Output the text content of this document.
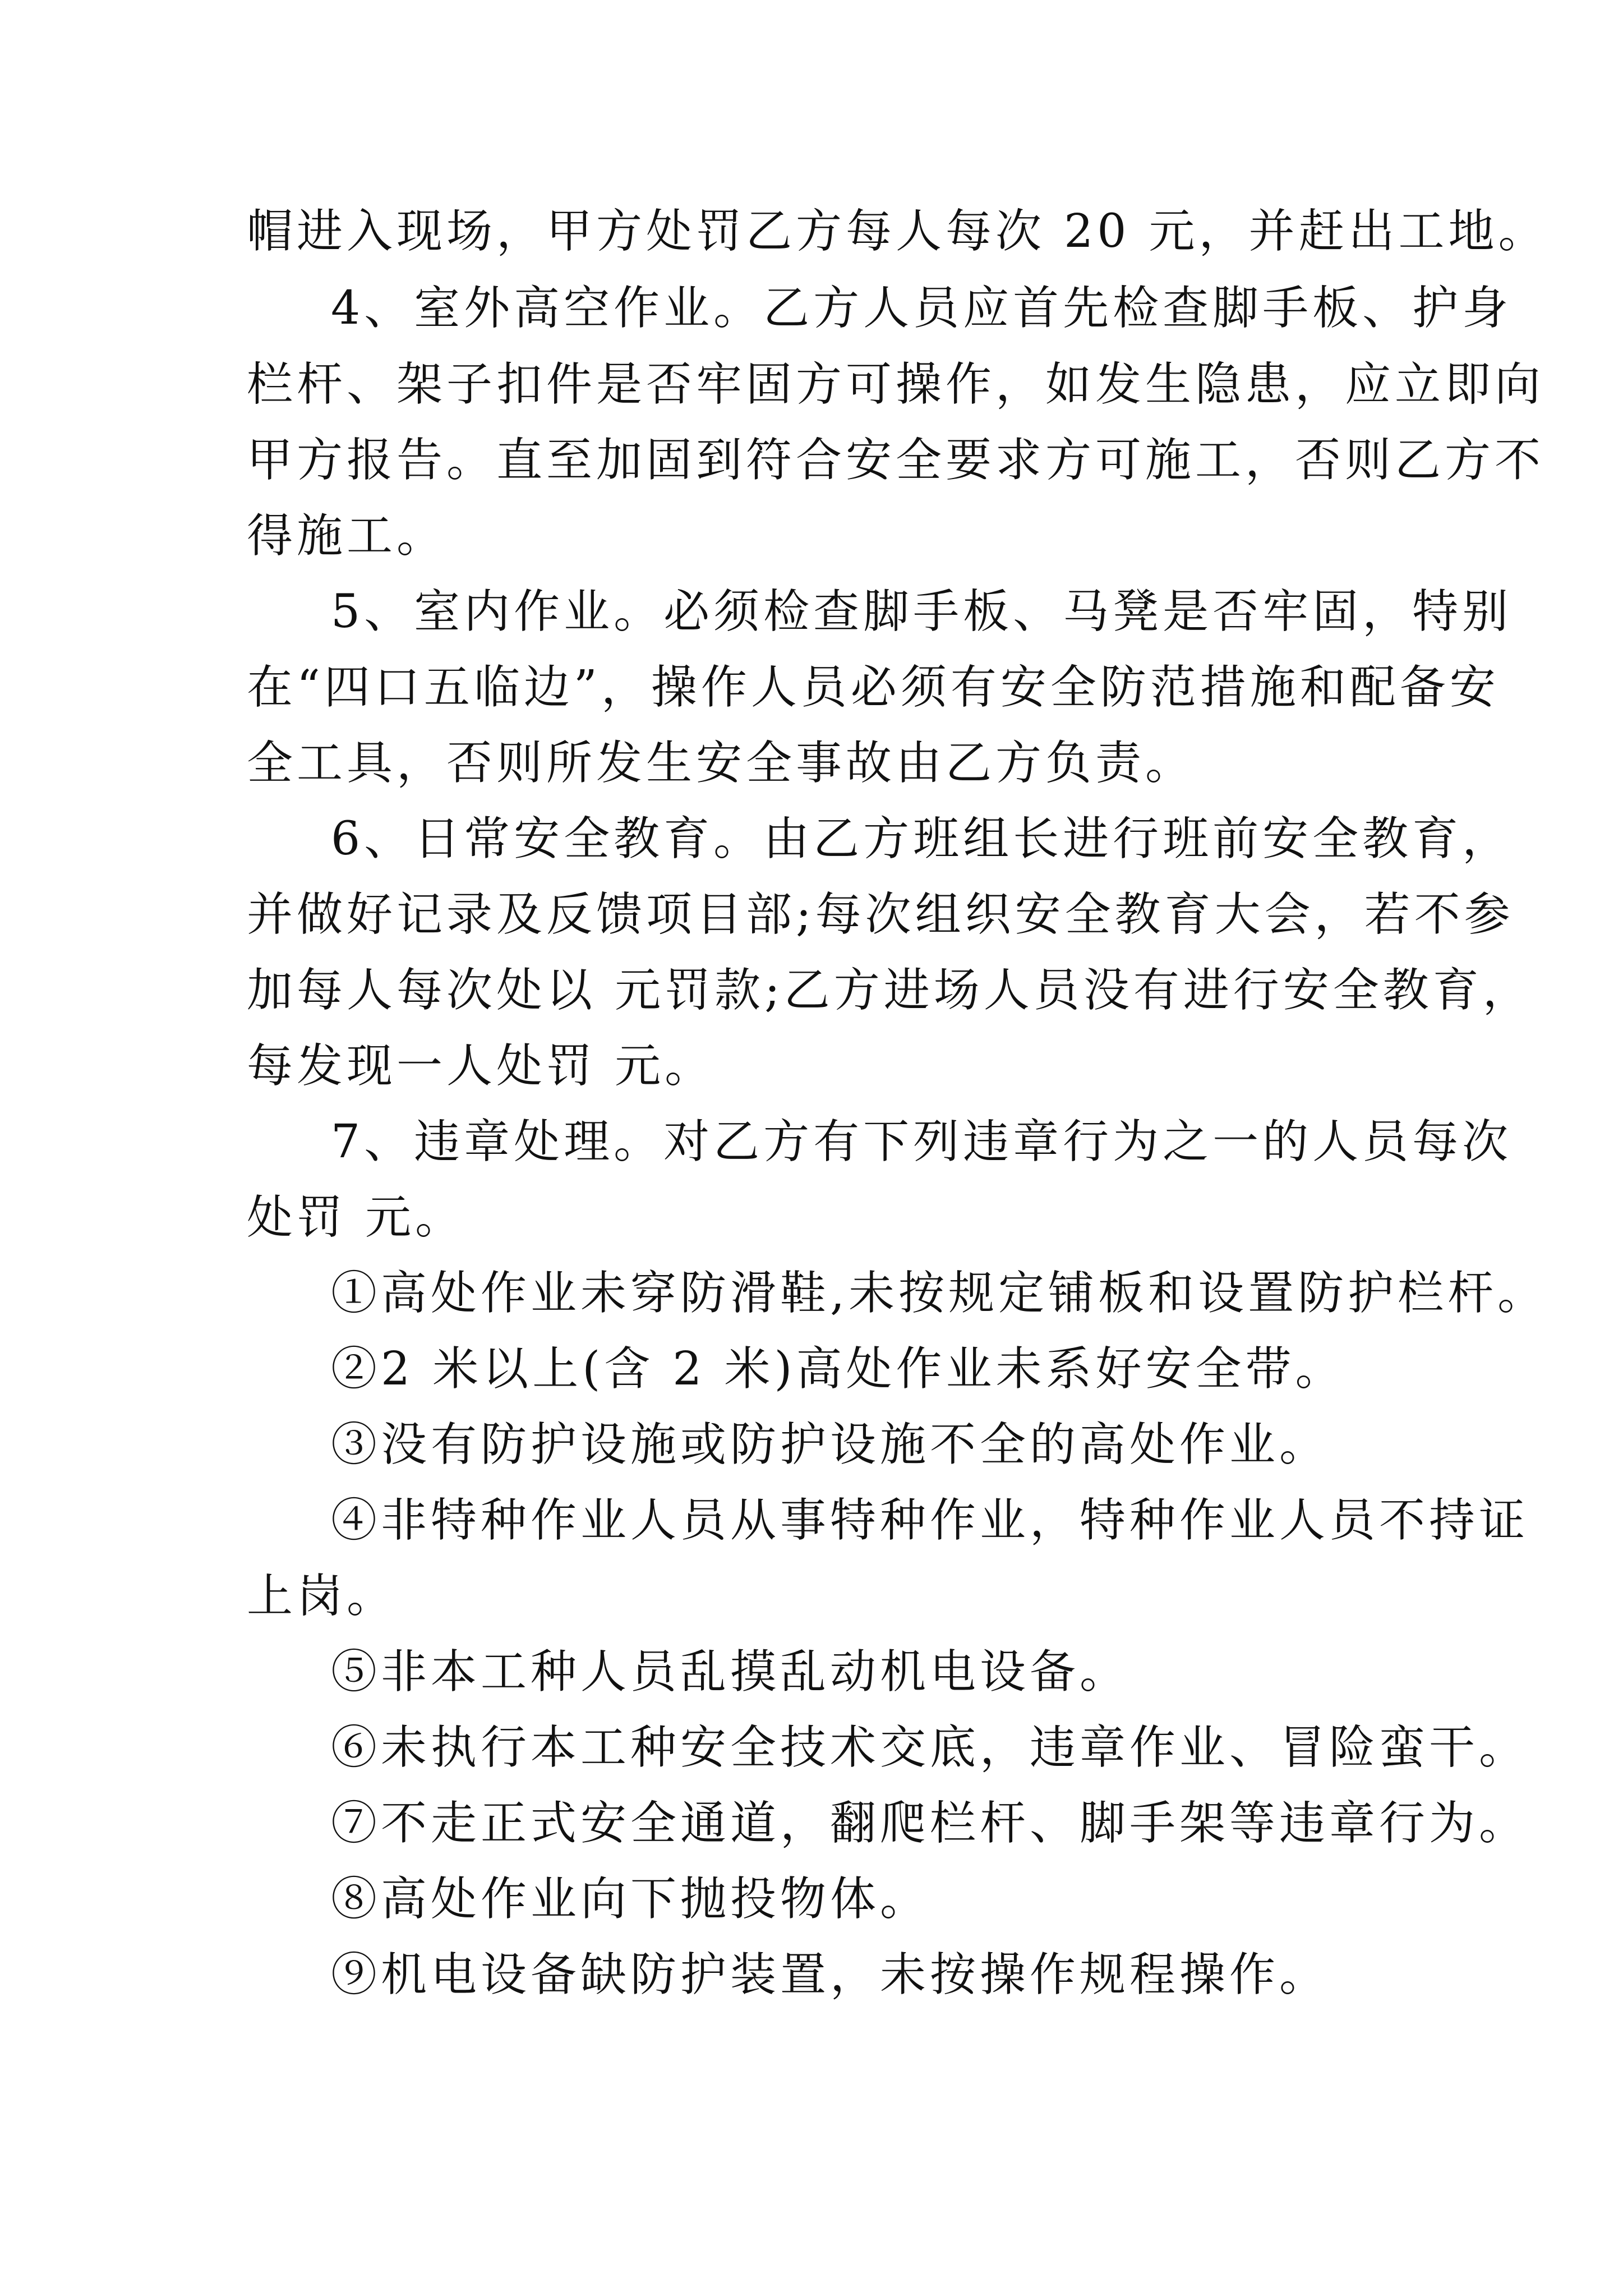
帽进入现场，甲方处罚乙方每人每次 20 元，并赶出工地。
4、室外高空作业。乙方人员应首先检查脚手板、护身
栏杆、架子扣件是否牢固方可操作，如发生隐患，应立即向
甲方报告。直至加固到符合安全要求方可施工，否则乙方不
得施工。
5、室内作业。必须检查脚手板、马凳是否牢固，特别
在“四口五临边”，操作人员必须有安全防范措施和配备安
全工具，否则所发生安全事故由乙方负责。
6、日常安全教育。由乙方班组长进行班前安全教育，
并做好记录及反馈项目部;每次组织安全教育大会，若不参
加每人每次处以 元罚款;乙方进场人员没有进行安全教育，
每发现一人处罚 元。
7、违章处理。对乙方有下列违章行为之一的人员每次
处罚 元。
①高处作业未穿防滑鞋,未按规定铺板和设置防护栏杆。
②2 米以上(含 2 米)高处作业未系好安全带。
③没有防护设施或防护设施不全的高处作业。
④非特种作业人员从事特种作业，特种作业人员不持证
上岗。
⑤非本工种人员乱摸乱动机电设备。
⑥未执行本工种安全技术交底，违章作业、冒险蛮干。
⑦不走正式安全通道，翻爬栏杆、脚手架等违章行为。
⑧高处作业向下抛投物体。
⑨机电设备缺防护装置，未按操作规程操作。
